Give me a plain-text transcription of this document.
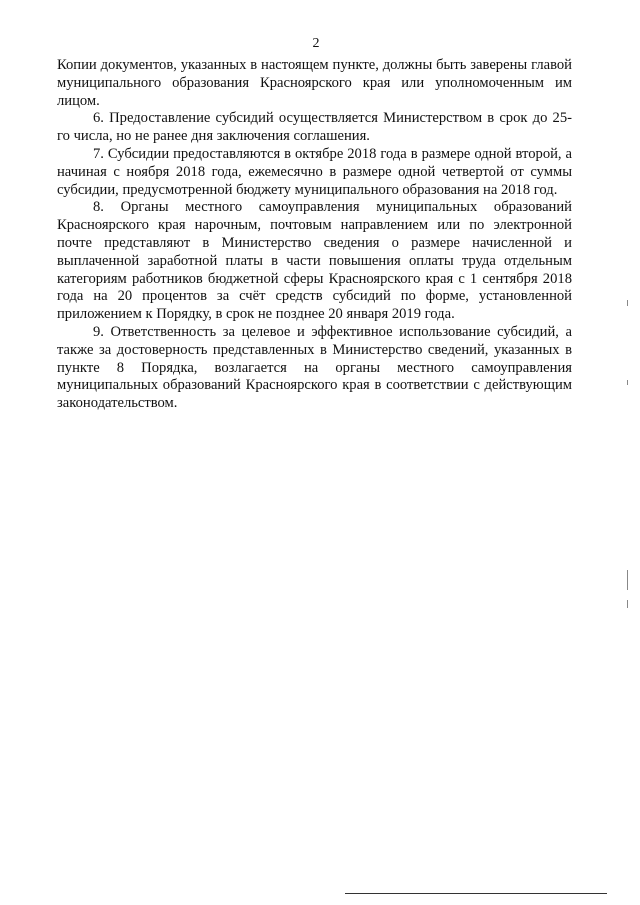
2

Копии документов, указанных в настоящем пункте, должны быть заверены главой муниципального образования Красноярского края или уполномоченным им лицом.

6. Предоставление субсидий осуществляется Министерством в срок до 25-го числа, но не ранее дня заключения соглашения.

7. Субсидии предоставляются в октябре 2018 года в размере одной второй, а начиная с ноября 2018 года, ежемесячно в размере одной четвертой от суммы субсидии, предусмотренной бюджету муниципального образования на 2018 год.

8. Органы местного самоуправления муниципальных образований Красноярского края нарочным, почтовым направлением или по электронной почте представляют в Министерство сведения о размере начисленной и выплаченной заработной платы в части повышения оплаты труда отдельным категориям работников бюджетной сферы Красноярского края с 1 сентября 2018 года на 20 процентов за счёт средств субсидий по форме, установленной приложением к Порядку, в срок не позднее 20 января 2019 года.

9. Ответственность за целевое и эффективное использование субсидий, а также за достоверность представленных в Министерство сведений, указанных в пункте 8 Порядка, возлагается на органы местного самоуправления муниципальных образований Красноярского края в соответствии с действующим законодательством.
